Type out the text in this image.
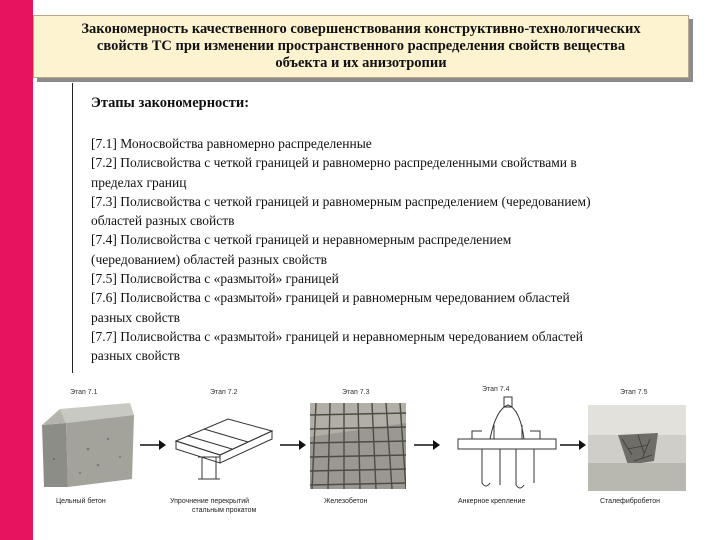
Закономерность качественного совершенствования конструктивно-технологических
свойств ТС при изменении пространственного распределения свойств вещества
объекта и их анизотропии
Этапы закономерности:
[7.1] Моносвойства равномерно распределенные
[7.2] Полисвойства с четкой границей и равномерно распределенными свойствами в
пределах границ
[7.3] Полисвойства с четкой границей и равномерным распределением (чередованием)
областей разных свойств
[7.4] Полисвойства с четкой границей и неравномерным распределением
(чередованием) областей разных свойств
[7.5] Полисвойства с «размытой» границей
[7.6] Полисвойства с «размытой» границей и равномерным чередованием областей
разных свойств
[7.7] Полисвойства с «размытой» границей и неравномерным чередованием областей
разных свойств
Этап 7.1	Этап 7.2	Этап 7.3	Этап 7.4	Этап 7.5
Цельный бетон	Упрочнение перекрытий
стальным прокатом
Железобетон	Анкерное крепление	Сталефибробетон
